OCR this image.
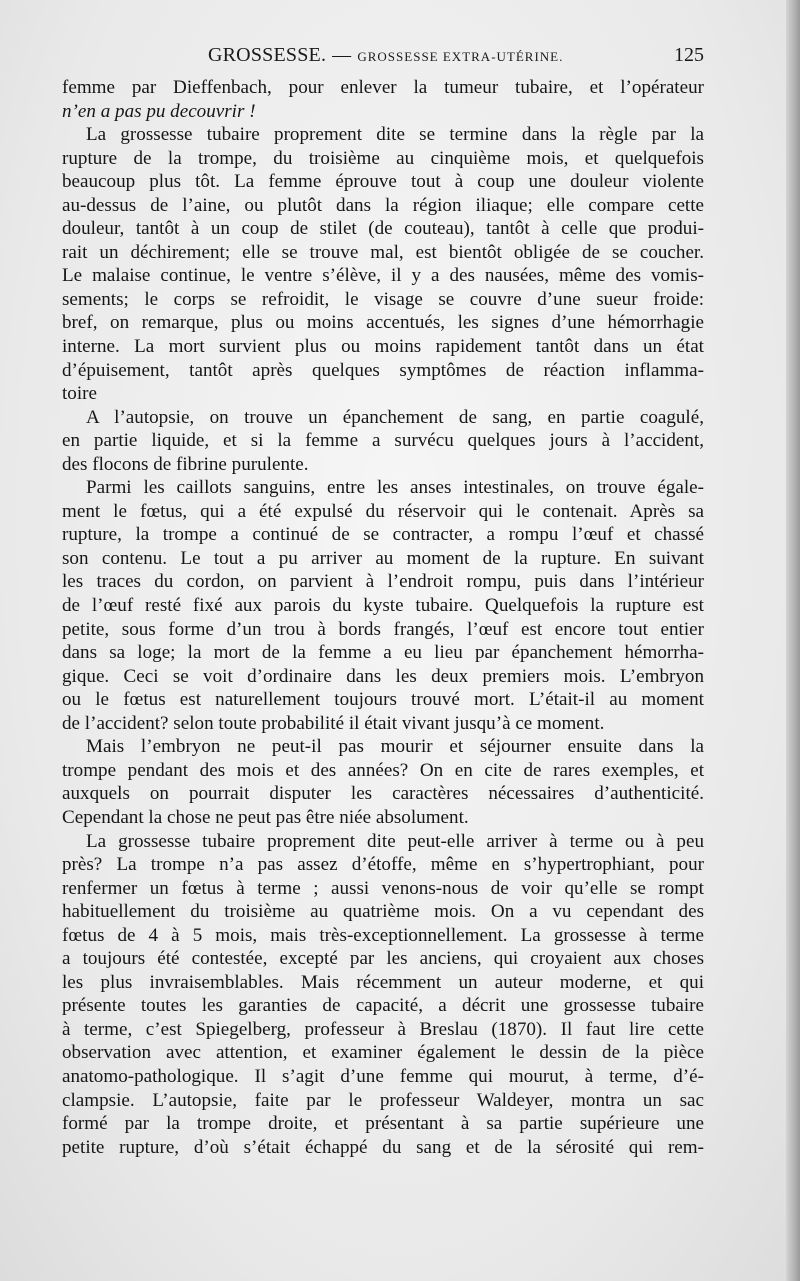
GROSSESSE. — GROSSESSE EXTRA-UTÉRINE.	125
femme par Dieffenbach, pour enlever la tumeur tubaire, et l’opérateur
n’en a pas pu decouvrir !
La grossesse tubaire proprement dite se termine dans la règle par la
rupture de la trompe, du troisième au cinquième mois, et quelquefois
beaucoup plus tôt. La femme éprouve tout à coup une douleur violente
au-dessus de l’aine, ou plutôt dans la région iliaque; elle compare cette
douleur, tantôt à un coup de stilet (de couteau), tantôt à celle que produi-
rait un déchirement; elle se trouve mal, est bientôt obligée de se coucher.
Le malaise continue, le ventre s’élève, il y a des nausées, même des vomis-
sements; le corps se refroidit, le visage se couvre d’une sueur froide:
bref, on remarque, plus ou moins accentués, les signes d’une hémorrhagie
interne. La mort survient plus ou moins rapidement tantôt dans un état
d’épuisement, tantôt après quelques symptômes de réaction inflamma-
toire
A l’autopsie, on trouve un épanchement de sang, en partie coagulé,
en partie liquide, et si la femme a survécu quelques jours à l’accident,
des flocons de fibrine purulente.
Parmi les caillots sanguins, entre les anses intestinales, on trouve égale-
ment le fœtus, qui a été expulsé du réservoir qui le contenait. Après sa
rupture, la trompe a continué de se contracter, a rompu l’œuf et chassé
son contenu. Le tout a pu arriver au moment de la rupture. En suivant
les traces du cordon, on parvient à l’endroit rompu, puis dans l’intérieur
de l’œuf resté fixé aux parois du kyste tubaire. Quelquefois la rupture est
petite, sous forme d’un trou à bords frangés, l’œuf est encore tout entier
dans sa loge; la mort de la femme a eu lieu par épanchement hémorrha-
gique. Ceci se voit d’ordinaire dans les deux premiers mois. L’embryon
ou le fœtus est naturellement toujours trouvé mort. L’était-il au moment
de l’accident? selon toute probabilité il était vivant jusqu’à ce moment.
Mais l’embryon ne peut-il pas mourir et séjourner ensuite dans la
trompe pendant des mois et des années? On en cite de rares exemples, et
auxquels on pourrait disputer les caractères nécessaires d’authenticité.
Cependant la chose ne peut pas être niée absolument.
La grossesse tubaire proprement dite peut-elle arriver à terme ou à peu
près? La trompe n’a pas assez d’étoffe, même en s’hypertrophiant, pour
renfermer un fœtus à terme ; aussi venons-nous de voir qu’elle se rompt
habituellement du troisième au quatrième mois. On a vu cependant des
fœtus de 4 à 5 mois, mais très-exceptionnellement. La grossesse à terme
a toujours été contestée, excepté par les anciens, qui croyaient aux choses
les plus invraisemblables. Mais récemment un auteur moderne, et qui
présente toutes les garanties de capacité, a décrit une grossesse tubaire
à terme, c’est Spiegelberg, professeur à Breslau (1870). Il faut lire cette
observation avec attention, et examiner également le dessin de la pièce
anatomo-pathologique. Il s’agit d’une femme qui mourut, à terme, d’é-
clampsie. L’autopsie, faite par le professeur Waldeyer, montra un sac
formé par la trompe droite, et présentant à sa partie supérieure une
petite rupture, d’où s’était échappé du sang et de la sérosité qui rem-
